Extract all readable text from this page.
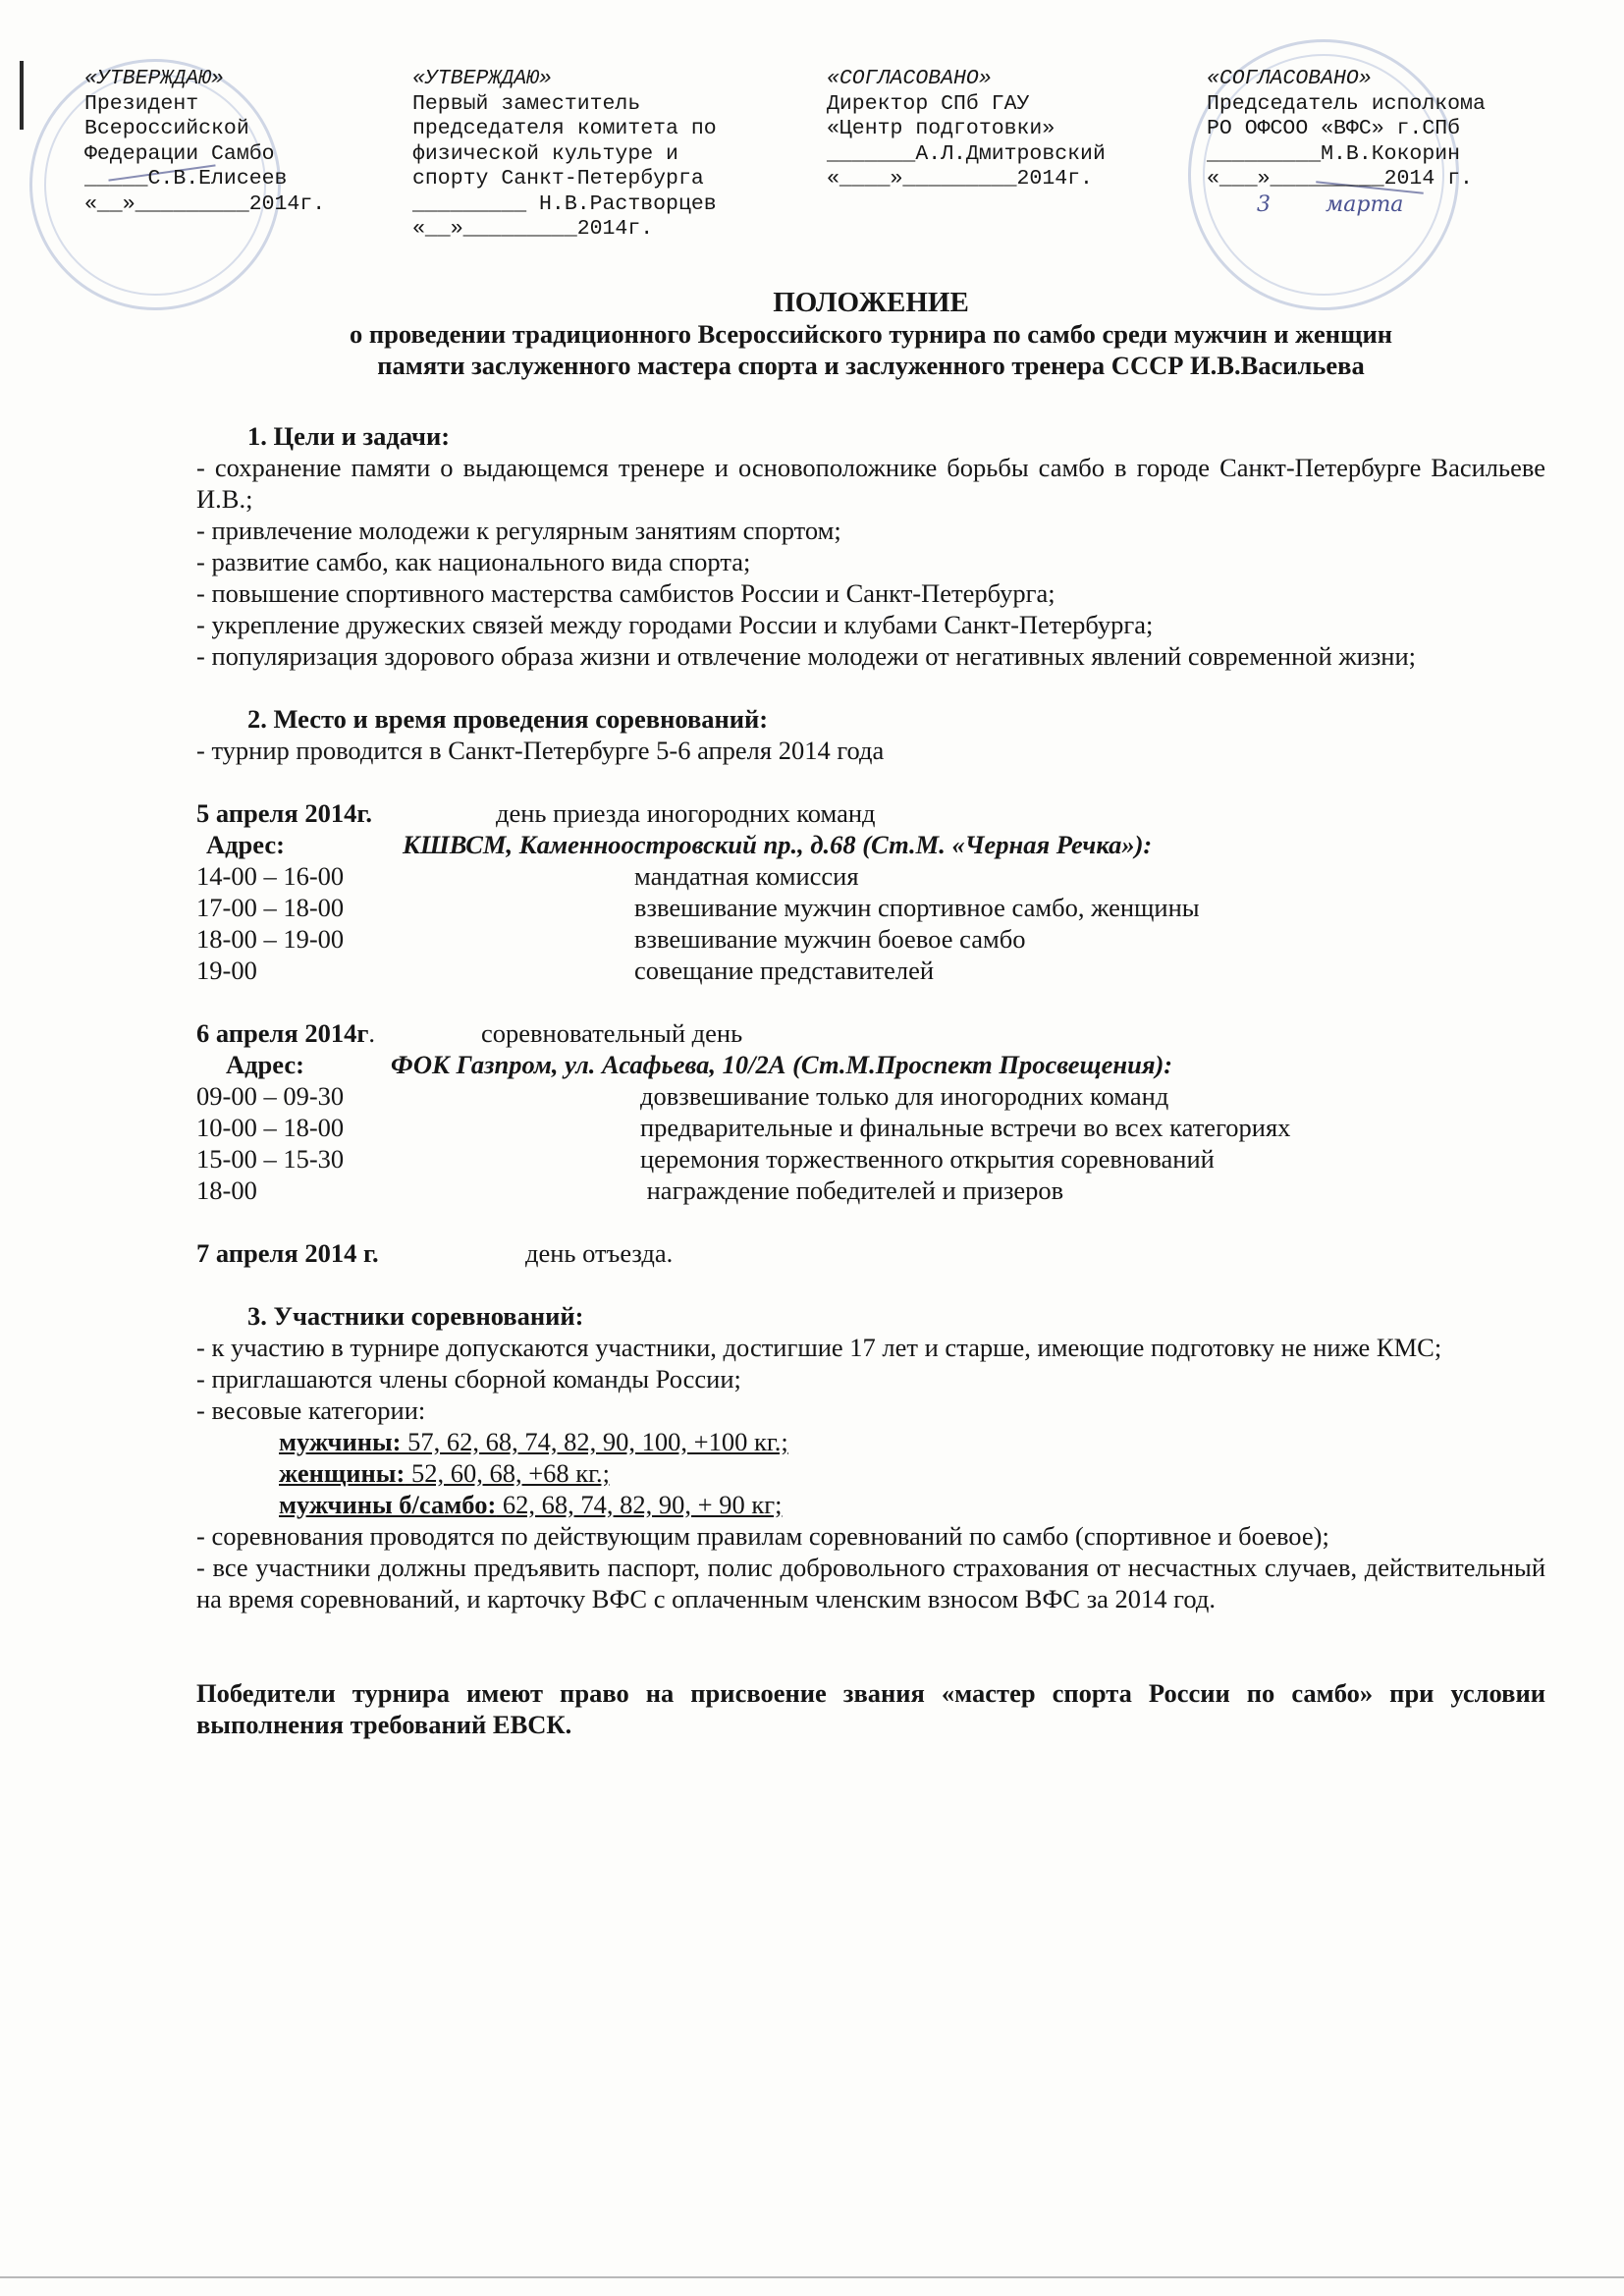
«УТВЕРЖДАЮ»
Президент
Всероссийской
Федерации Самбо
_____С.В.Елисеев
«__»_________2014г.
«УТВЕРЖДАЮ»
Первый заместитель
председателя комитета по
физической культуре и
спорту Санкт-Петербурга
_________ Н.В.Растворцев
«__»_________2014г.
«СОГЛАСОВАНО»
Директор СПб ГАУ
«Центр подготовки»
_______А.Л.Дмитровский
«____»_________2014г.
«СОГЛАСОВАНО»
Председатель исполкома
РО ОФСОО «ВФС» г.СПб
_________М.В.Кокорин
«___»_________2014 г.
3	марта
ПОЛОЖЕНИЕ
о проведении традиционного Всероссийского турнира по самбо среди мужчин и женщин
памяти заслуженного мастера спорта и заслуженного тренера СССР И.В.Васильева
1. Цели и задачи:
- сохранение памяти о выдающемся тренере и основоположнике борьбы самбо в городе Санкт-Петербурге Васильеве И.В.;
- привлечение молодежи к регулярным занятиям спортом;
- развитие самбо, как национального вида спорта;
- повышение спортивного мастерства самбистов России и Санкт-Петербурга;
- укрепление дружеских связей между городами России и клубами Санкт-Петербурга;
- популяризация здорового образа жизни и отвлечение молодежи от негативных явлений современной жизни;
2. Место и время проведения соревнований:
- турнир проводится в Санкт-Петербурге 5-6 апреля 2014 года
5 апреля 2014г.	день приезда иногородних команд
Адрес:	КШВСМ, Каменноостровский пр., д.68 (Ст.М. «Черная Речка»):
14-00 – 16-00	мандатная комиссия
17-00 – 18-00	взвешивание мужчин спортивное самбо, женщины
18-00 – 19-00	взвешивание мужчин боевое самбо
19-00	совещание представителей
6 апреля 2014г.	соревновательный день
Адрес:	ФОК Газпром, ул. Асафьева, 10/2А (Ст.М.Проспект Просвещения):
09-00 – 09-30	довзвешивание только для иногородних команд
10-00 – 18-00	предварительные и финальные встречи во всех категориях
15-00 – 15-30	церемония торжественного открытия соревнований
18-00	награждение победителей и призеров
7 апреля 2014 г.	день отъезда.
3. Участники соревнований:
- к участию в турнире допускаются участники, достигшие 17 лет и старше, имеющие подготовку не ниже КМС;
- приглашаются члены сборной команды России;
- весовые категории:
мужчины: 57, 62, 68, 74, 82, 90, 100, +100 кг.;
женщины: 52, 60, 68, +68 кг.;
мужчины б/самбо: 62, 68, 74, 82, 90, + 90 кг;
- соревнования проводятся по действующим правилам соревнований по самбо (спортивное и боевое);
- все участники должны предъявить паспорт, полис добровольного страхования от несчастных случаев, действительный на время соревнований, и карточку ВФС с оплаченным членским взносом ВФС за 2014 год.
Победители турнира имеют право на присвоение звания «мастер спорта России по самбо» при условии выполнения требований ЕВСК.
